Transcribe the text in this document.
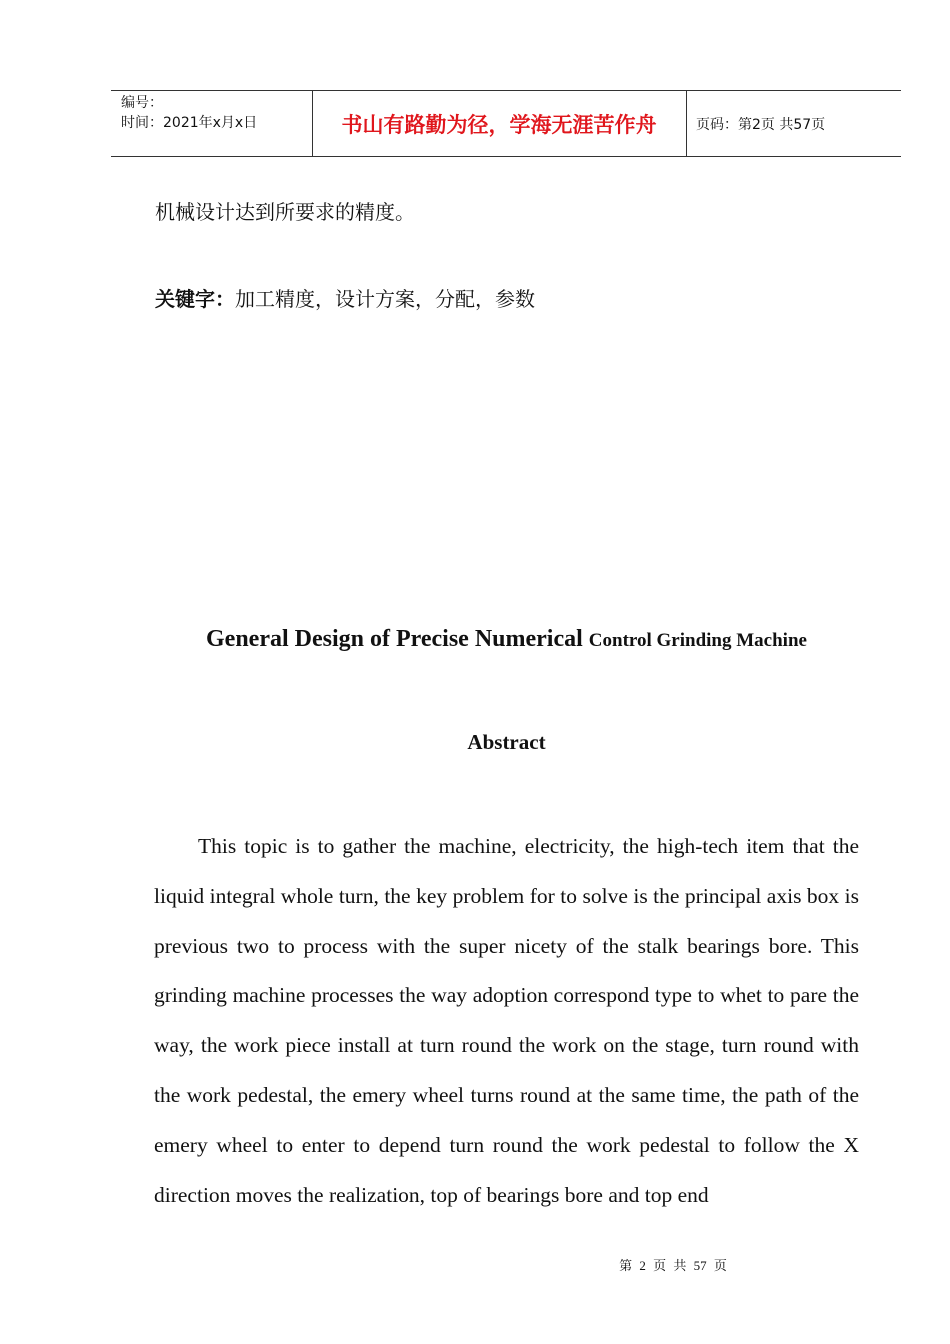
编号：
时间：2021年x月x日	书山有路勤为径，学海无涯苦作舟	页码：第2页 共57页
机械设计达到所要求的精度。
关键字：加工精度，设计方案，分配，参数
General Design of Precise Numerical Control Grinding Machine
Abstract

This topic is to gather the machine, electricity, the high-tech item that the liquid integral whole turn, the key problem for to solve is the principal axis box is previous two to process with the super nicety of the stalk bearings bore. This grinding machine processes the way adoption correspond type to whet to pare the way, the work piece install at turn round the work on the stage, turn round with the work pedestal, the emery wheel turns round at the same time, the path of the emery wheel to enter to depend turn round the work pedestal to follow the X direction moves the realization, top of bearings bore and top end

第 2 页 共 57 页
